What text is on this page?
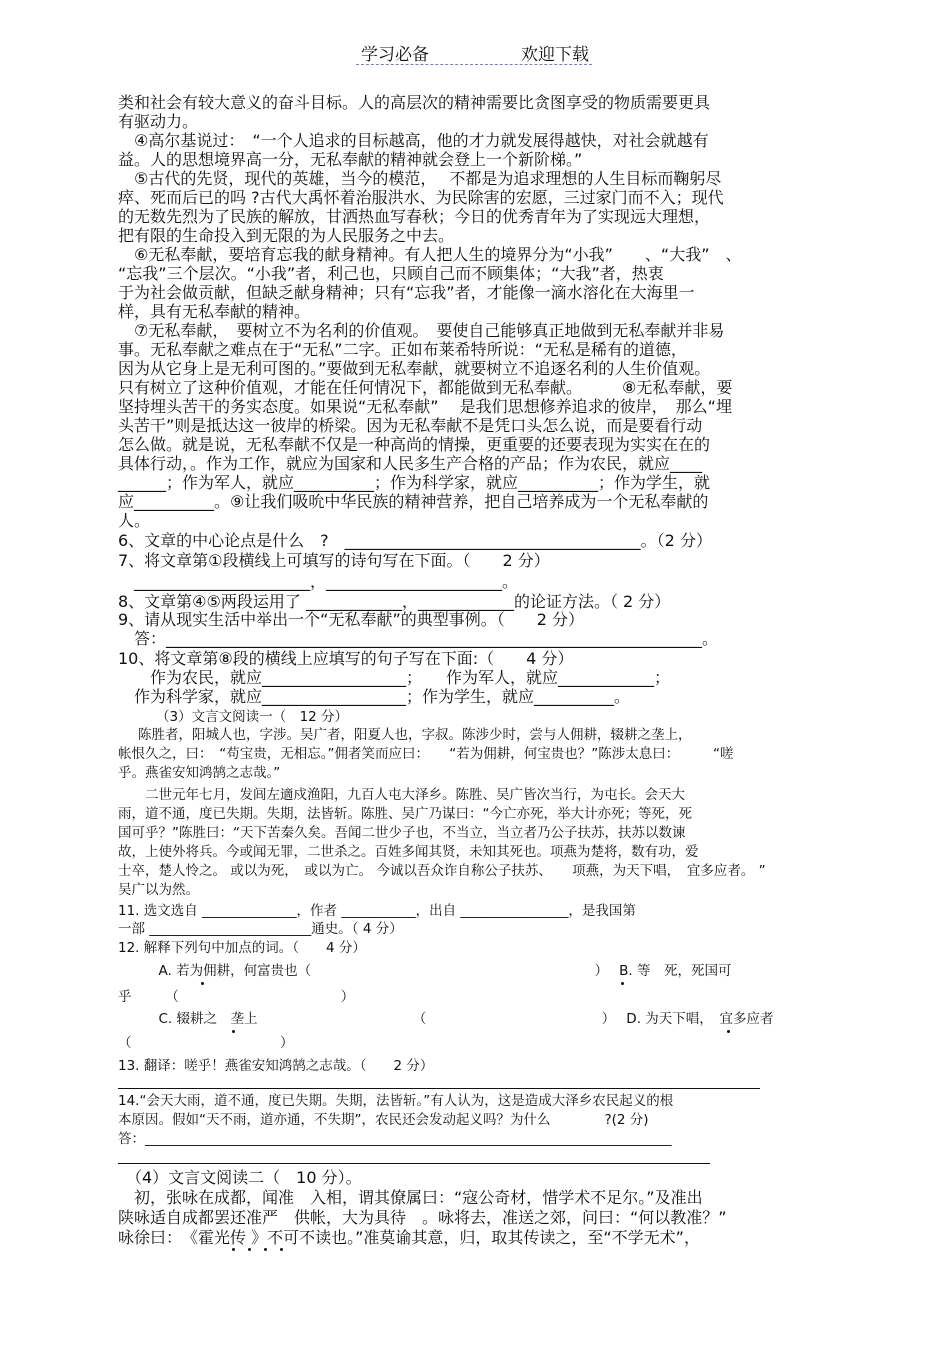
学习必备	欢迎下载
类和社会有较大意义的奋斗目标。人的高层次的精神需要比贪图享受的物质需要更具
有驱动力。
　④高尔基说过：　“一个人追求的目标越高，他的才力就发展得越快，对社会就越有
益。人的思想境界高一分，无私奉献的精神就会登上一个新阶梯。”
　⑤古代的先贤，现代的英雄，当今的模范，　 不都是为追求理想的人生目标而鞠躬尽
瘁、死而后已的吗 ?古代大禹怀着治服洪水、为民除害的宏愿，三过家门而不入；现代
的无数先烈为了民族的解放，甘洒热血写春秋；今日的优秀青年为了实现远大理想，
把有限的生命投入到无限的为人民服务之中去。
　⑥无私奉献，要培育忘我的献身精神。有人把人生的境界分为“小我”　　、“大我”　、
“忘我”三个层次。“小我”者，利己也，只顾自己而不顾集体；“大我”者，热衷
于为社会做贡献，但缺乏献身精神；只有“忘我”者，才能像一滴水溶化在大海里一
样，具有无私奉献的精神。
　⑦无私奉献，　要树立不为名利的价值观。　要使自己能够真正地做到无私奉献并非易
事。无私奉献之难点在于“无私”二字。正如布莱希特所说：“无私是稀有的道德，
因为从它身上是无利可图的。”要做到无私奉献，就要树立不追逐名利的人生价值观。
只有树立了这种价值观，才能在任何情况下，都能做到无私奉献。　　　⑧无私奉献，要
坚持埋头苦干的务实态度。如果说“无私奉献”　 是我们思想修养追求的彼岸，　那么“埋
头苦干”则是抵达这一彼岸的桥梁。因为无私奉献不是凭口头怎么说，而是要看行动
怎么做。就是说，无私奉献不仅是一种高尚的情操，更重要的还要表现为实实在在的
具体行动，。作为工作，就应为国家和人民多生产合格的产品；作为农民，就应____
______；作为军人，就应__________；作为科学家，就应__________；作为学生，就
应__________。⑨让我们吸吮中华民族的精神营养，把自己培养成为一个无私奉献的
人。
6、文章的中心论点是什么　?　_____________________________________。（2 分）
7、将文章第①段横线上可填写的诗句写在下面。（　　2 分）
　______________________，______________________。
8、文章第④⑤两段运用了 ____________，____________的论证方法。（ 2 分）
9、请从现实生活中举出一个“无私奉献”的典型事例。（　　2 分）
　答：___________________________________________________________________。
10、将文章第⑧段的横线上应填写的句子写在下面:（　　4 分）
　　作为农民，就应__________________；　　作为军人，就应____________；
　作为科学家，就应__________________；作为学生，就应__________。
（3）文言文阅读一（　12 分）
陈胜者，阳城人也，字涉。吴广者，阳夏人也，字叔。陈涉少时，尝与人佣耕，辍耕之垄上，
帐恨久之，曰：　“苟宝贵，无相忘。”佣者笑而应曰：　　“若为佣耕，何宝贵也？”陈涉太息曰：　　　“嗟
乎。燕雀安知鸿鹄之志哉。”
　　二世元年七月，发闾左適戍渔阳，九百人屯大泽乡。陈胜、吴广皆次当行，为屯长。会天大
雨，道不通，度已失期。失期，法皆斩。陈胜、吴广乃谋曰：“今亡亦死，举大计亦死；等死，死
国可乎？”陈胜曰：“天下苦秦久矣。吾闻二世少子也，不当立，当立者乃公子扶苏，扶苏以数谏
故，上使外将兵。今或闻无罪，二世杀之。百姓多闻其贤，未知其死也。项燕为楚将，数有功，爱
士卒，楚人怜之。 或以为死，　或以为亡。 今诚以吾众诈自称公子扶苏、　　项燕，为天下唱，　宜多应者。 ”
吴广以为然。
11. 选文选自 ______________，作者 ___________，出自 ________________，是我国第
一部 ________________________通史。（ 4 分）
12. 解释下列句中加点的词。（　　4 分）
　　　A. 若为佣耕，何富贵也（　　　　　　　　　　　　　　　　　　　　　）　 B. 等　死，死国可
乎　　　（　　　　　　　　　　　　）
　　　C. 辍耕之　垄上　　　　　　　　　　　　（　　　　　　　　　　　　　）　 D. 为天下唱，　宜多应者
（　　　　　　　　　　　）
13. 翻译：嗟乎！燕雀安知鸿鹄之志哉。（　　2 分）
14.“会天大雨，道不通，度已失期。失期，法皆斩。”有人认为，这是造成大泽乡农民起义的根
本原因。假如“天不雨，道亦通，不失期”，农民还会发动起义吗？为什么　　　　?(2 分)
答：______________________________________________________________________________
　（4）文言文阅读二（　10 分）。
　初，张咏在成都，闻准　入相，谓其僚属曰：“寇公奇材，惜学术不足尔。”及准出
陕咏适自成都罢还准严　供帐，大为具待　。咏将去，准送之郊，问曰：“何以教准？”
咏徐曰：　《霍光传 》不可不读也。”准莫谕其意，归，取其传读之，至“不学无术”，
